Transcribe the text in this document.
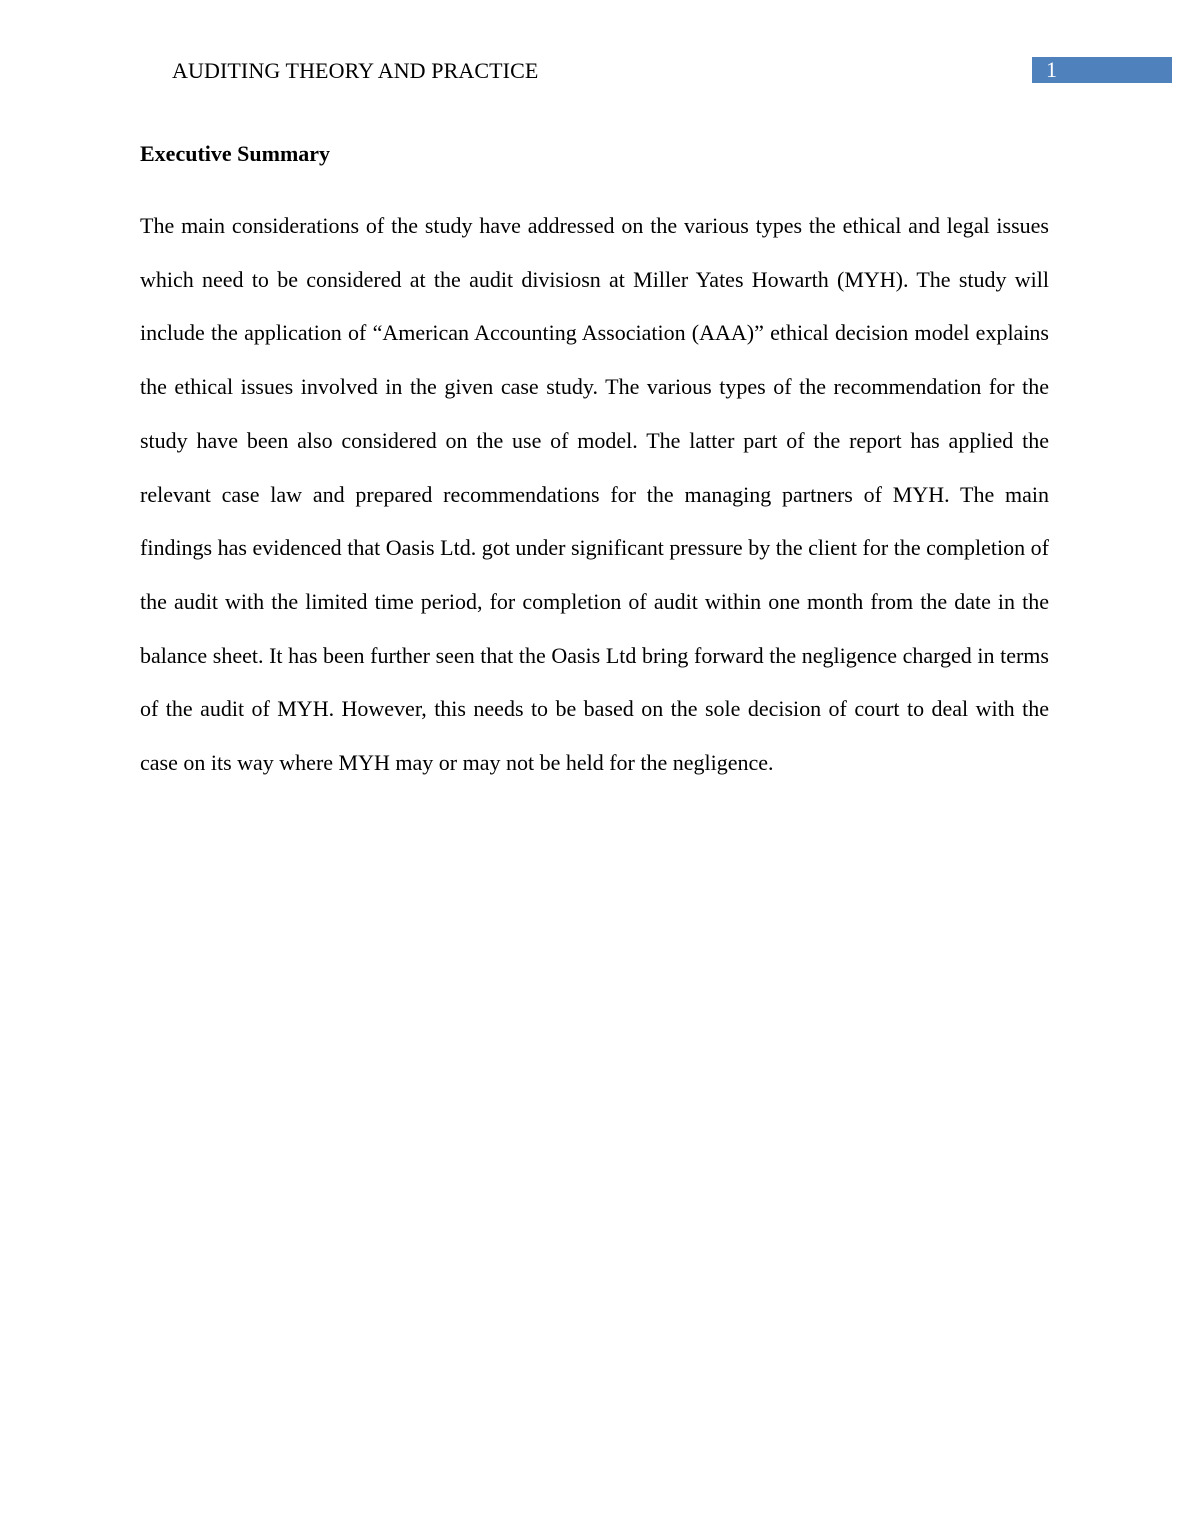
AUDITING THEORY AND PRACTICE	1
Executive Summary

The main considerations of the study have addressed on the various types the ethical and legal issues which need to be considered at the audit divisiosn at Miller Yates Howarth (MYH). The study will include the application of “American Accounting Association (AAA)” ethical decision model explains the ethical issues involved in the given case study. The various types of the recommendation for the study have been also considered on the use of model. The latter part of the report has applied the relevant case law and prepared recommendations for the managing partners of MYH. The main findings has evidenced that Oasis Ltd. got under significant pressure by the client for the completion of the audit with the limited time period, for completion of audit within one month from the date in the balance sheet. It has been further seen that the Oasis Ltd bring forward the negligence charged in terms of the audit of MYH. However, this needs to be based on the sole decision of court to deal with the case on its way where MYH may or may not be held for the negligence.
